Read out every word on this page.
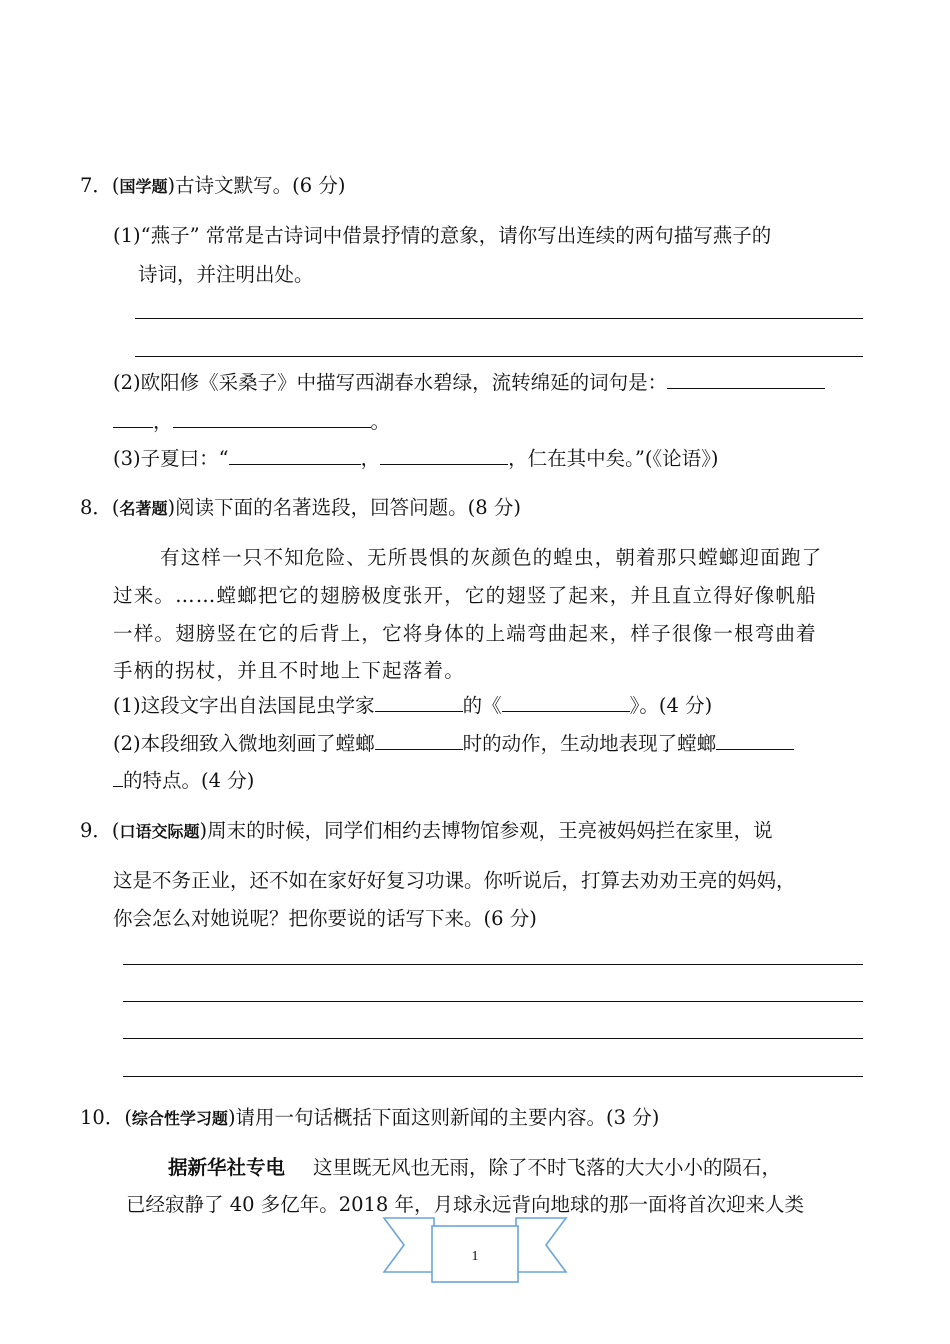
7．(国学题)古诗文默写。(6 分)
(1)“燕子” 常常是古诗词中借景抒情的意象，请你写出连续的两句描写燕子的
诗词，并注明出处。
(2)欧阳修《采桑子》中描写西湖春水碧绿，流转绵延的词句是：
，	。
(3)子夏曰：“	，	，仁在其中矣。”(《论语》)
8．(名著题)阅读下面的名著选段，回答问题。(8 分)
有这样一只不知危险、无所畏惧的灰颜色的蝗虫，朝着那只螳螂迎面跑了
过来。……螳螂把它的翅膀极度张开，它的翅竖了起来，并且直立得好像帆船
一样。翅膀竖在它的后背上，它将身体的上端弯曲起来，样子很像一根弯曲着
手柄的拐杖，并且不时地上下起落着。
(1)这段文字出自法国昆虫学家	的《	》。(4 分)
(2)本段细致入微地刻画了螳螂	时的动作，生动地表现了螳螂
的特点。(4 分)
9．(口语交际题)周末的时候，同学们相约去博物馆参观，王亮被妈妈拦在家里，说
这是不务正业，还不如在家好好复习功课。你听说后，打算去劝劝王亮的妈妈，
你会怎么对她说呢？把你要说的话写下来。(6 分)
10．(综合性学习题)请用一句话概括下面这则新闻的主要内容。(3 分)
据新华社专电 这里既无风也无雨，除了不时飞落的大大小小的陨石，
已经寂静了 40 多亿年。2018 年，月球永远背向地球的那一面将首次迎来人类
1
